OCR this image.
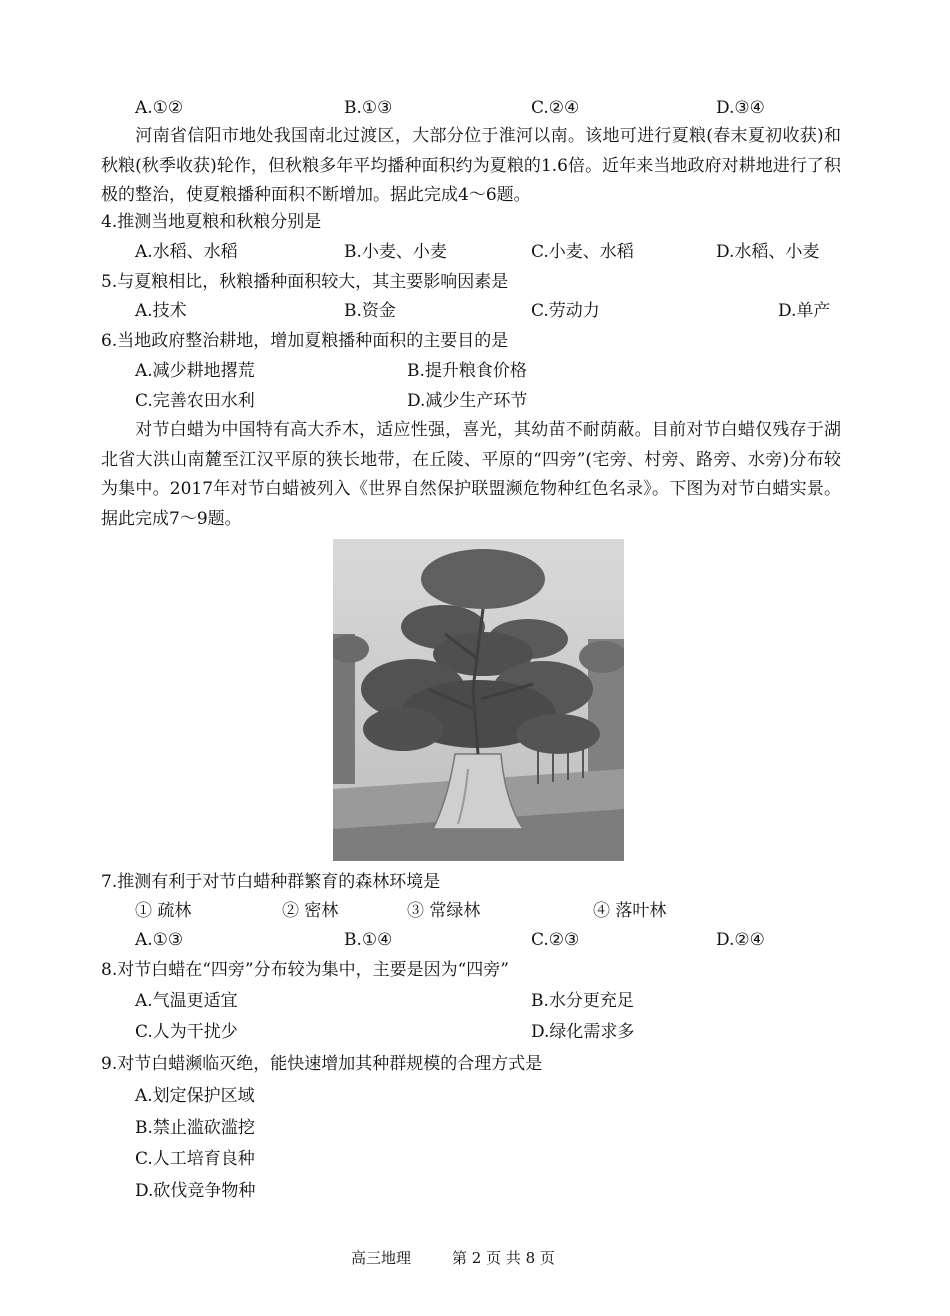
A.①②	B.①③	C.②④	D.③④
河南省信阳市地处我国南北过渡区，大部分位于淮河以南。该地可进行夏粮(春末夏初收获)和秋粮(秋季收获)轮作，但秋粮多年平均播种面积约为夏粮的1.6倍。近年来当地政府对耕地进行了积极的整治，使夏粮播种面积不断增加。据此完成4～6题。
4.推测当地夏粮和秋粮分别是
A.水稻、水稻	B.小麦、小麦	C.小麦、水稻	D.水稻、小麦
5.与夏粮相比，秋粮播种面积较大，其主要影响因素是
A.技术	B.资金	C.劳动力	D.单产
6.当地政府整治耕地，增加夏粮播种面积的主要目的是
A.减少耕地撂荒	B.提升粮食价格
C.完善农田水利	D.减少生产环节
对节白蜡为中国特有高大乔木，适应性强，喜光，其幼苗不耐荫蔽。目前对节白蜡仅残存于湖北省大洪山南麓至江汉平原的狭长地带，在丘陵、平原的“四旁”(宅旁、村旁、路旁、水旁)分布较为集中。2017年对节白蜡被列入《世界自然保护联盟濒危物种红色名录》。下图为对节白蜡实景。据此完成7～9题。
7.推测有利于对节白蜡种群繁育的森林环境是
① 疏林	② 密林	③ 常绿林	④ 落叶林
A.①③	B.①④	C.②③	D.②④
8.对节白蜡在“四旁”分布较为集中，主要是因为“四旁”
A.气温更适宜	B.水分更充足
C.人为干扰少	D.绿化需求多
9.对节白蜡濒临灭绝，能快速增加其种群规模的合理方式是
A.划定保护区域
B.禁止滥砍滥挖
C.人工培育良种
D.砍伐竞争物种
高三地理	第 2 页 共 8 页
